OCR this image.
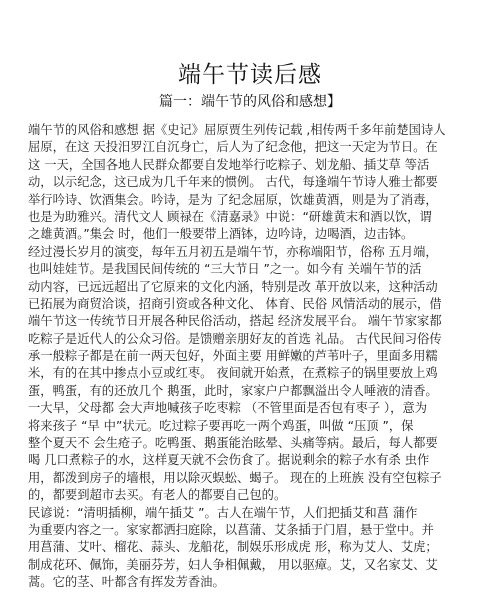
端午节读后感
篇一：端午节的风俗和感想】
端午节的风俗和感想 据《史记》屈原贾生列传记载 ,相传两千多年前楚国诗人
屈原，在这 天投汨罗江自沉身亡，后人为了纪念他，把这一天定为节日。在
这 一天，全国各地人民群众都要自发地举行吃粽子、划龙船、插艾草 等活
动，以示纪念，这已成为几千年来的惯例。 古代，每逢端午节诗人雅士都要
举行吟诗、饮酒集会。吟诗，是为 了纪念屈原，饮雄黄酒，则是为了消毒，
也是为助雅兴。清代文人 顾禄在《清嘉录》中说：“研雄黄末和酒以饮，谓
之雄黄酒。”集会 时，他们一般要带上酒钵，边吟诗，边喝酒，边击钵。
经过漫长岁月的演变，每年五月初五是端午节，亦称端阳节，俗称 五月端，
也叫娃娃节。是我国民间传统的 “三大节日 ”之一。如今有 关端午节的活
动内容，已远远超出了它原来的文化内涵，特别是改 革开放以来，这种活动
已拓展为商贸洽谈，招商引资或各种文化、 体育、民俗 风情活动的展示，借
端午节这一传统节日开展各种民俗活动，搭起 经济发展平台。 端午节家家都
吃粽子是近代人的公众习俗。是馈赠亲朋好友的首选 礼品。 古代民间习俗传
承一般粽子都是在前一两天包好，外面主要 用鲜嫩的芦苇叶子，里面多用糯
米，有的在其中掺点小豆或红枣。 夜间就开始煮，在煮粽子的锅里要放上鸡
蛋，鸭蛋，有的还放几个 鹅蛋，此时，家家户户都飘溢出令人唾液的清香。
一大早，父母都 会大声地喊孩子吃枣粽 （不管里面是否包有枣子 ），意为
将来孩子 “早 中”状元。吃过粽子要再吃一两个鸡蛋，叫做 “压顶 ”，保
整个夏天不 会生疮子。吃鸭蛋、鹅蛋能治眩晕、头痛等病。最后，每人都要
喝 几口煮粽子的水，这样夏天就不会伤食了。据说剩余的粽子水有杀 虫作
用，都泼到房子的墙根，用以除灭蜈蚣、蝎子。 现在的上班族 没有空包粽子
的，都要到超市去买。有老人的都要自己包的。
民谚说：“清明插柳，端午插艾 ”。古人在端午节，人们把插艾和菖 蒲作
为重要内容之一。家家都洒扫庭除，以菖蒲、艾条插于门眉，悬于堂中。并
用菖蒲、艾叶、榴花、蒜头、龙船花，制娱乐形成虎 形，称为艾人、艾虎；
制成花环、佩饰，美丽芬芳，妇人争相佩戴， 用以驱瘴。艾，又名家艾、艾
蒿。它的茎、叶都含有挥发芳香油。
